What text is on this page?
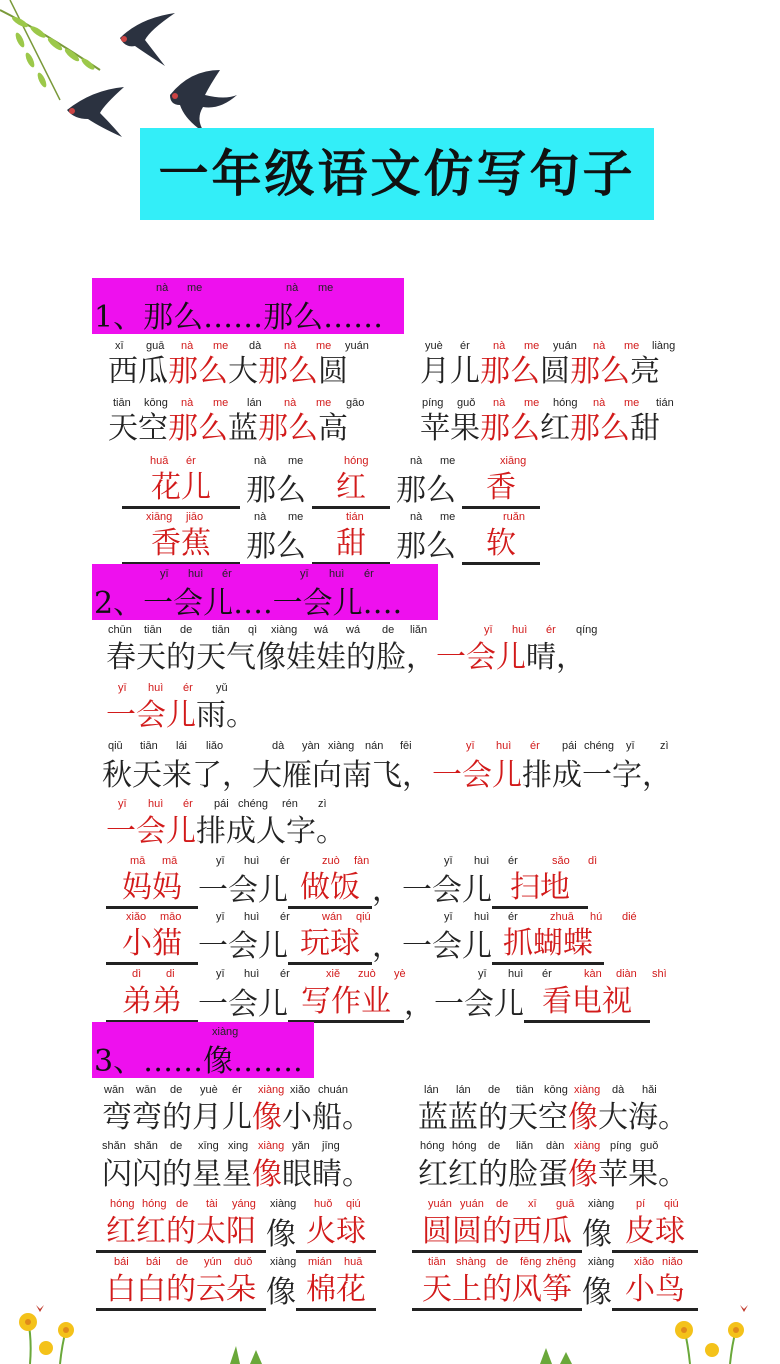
一年级语文仿写句子
1、那么……那么……
nà me	nà me
xī guā nà me dà nà me yuán	yuè ér nà me yuán nà me liàng
西瓜 那么 大 那么 圆 月儿 那么 圆 那么 亮
tiān kōng nà me lán nà me gāo	píng guǒ nà me hóng nà me tián
天空 那么 蓝 那么 高 苹果 那么 红 那么 甜
huā ér	nà me	hóng	nà me	xiāng
花儿	那么	红	那么	香
xiāng jiāo	nà me	tián	nà me	ruǎn
香蕉	那么	甜	那么	软
2、一会儿….一会儿….
yī huì ér	yī huì ér
chūn tiān de tiān qì xiàng wá wá de liǎn	yī huì ér qíng
春天的天气像娃娃的脸， 一会儿 晴，
yī huì ér yǔ
一会儿 雨。
qiū tiān lái liǎo	dà yàn xiàng nán fēi	yī huì ér pái chéng yī zì
秋天来了，大雁向南飞， 一会儿 排成一字，
yī huì ér pái chéng rén zì
一会儿 排成人字。
mā mā	yī huì ér	zuò fàn	yī huì ér	sǎo dì
妈妈 一会儿 做饭 ，一会儿 扫地
xiǎo māo	yī huì ér	wán qiú	yī huì ér	zhuā hú dié
小猫 一会儿 玩球 ，一会儿 抓蝴蝶
dì di	yī huì ér	xiě zuò yè	yī huì ér	kàn diàn shì
弟弟 一会儿 写作业 ，一会儿 看电视
3、……像…….
xiàng
wān wān de yuè ér xiàng xiǎo chuán	lán lán de tiān kōng xiàng dà hǎi
弯弯的月儿 像 小船。 蓝蓝的天空 像 大海。
shǎn shǎn de xīng xing xiàng yǎn jīng	hóng hóng de liǎn dàn xiàng píng guǒ
闪闪的星星 像 眼睛。 红红的脸蛋 像 苹果。
hóng hóng de tài yáng xiàng huǒ qiú	yuán yuán de xī guā xiàng pí qiú
红红的太阳 像 火球	圆圆的西瓜 像 皮球
bái bái de yún duǒ xiàng mián huā	tiān shàng de fēng zhēng xiàng xiǎo niǎo
白白的云朵 像 棉花	天上的风筝 像 小鸟
